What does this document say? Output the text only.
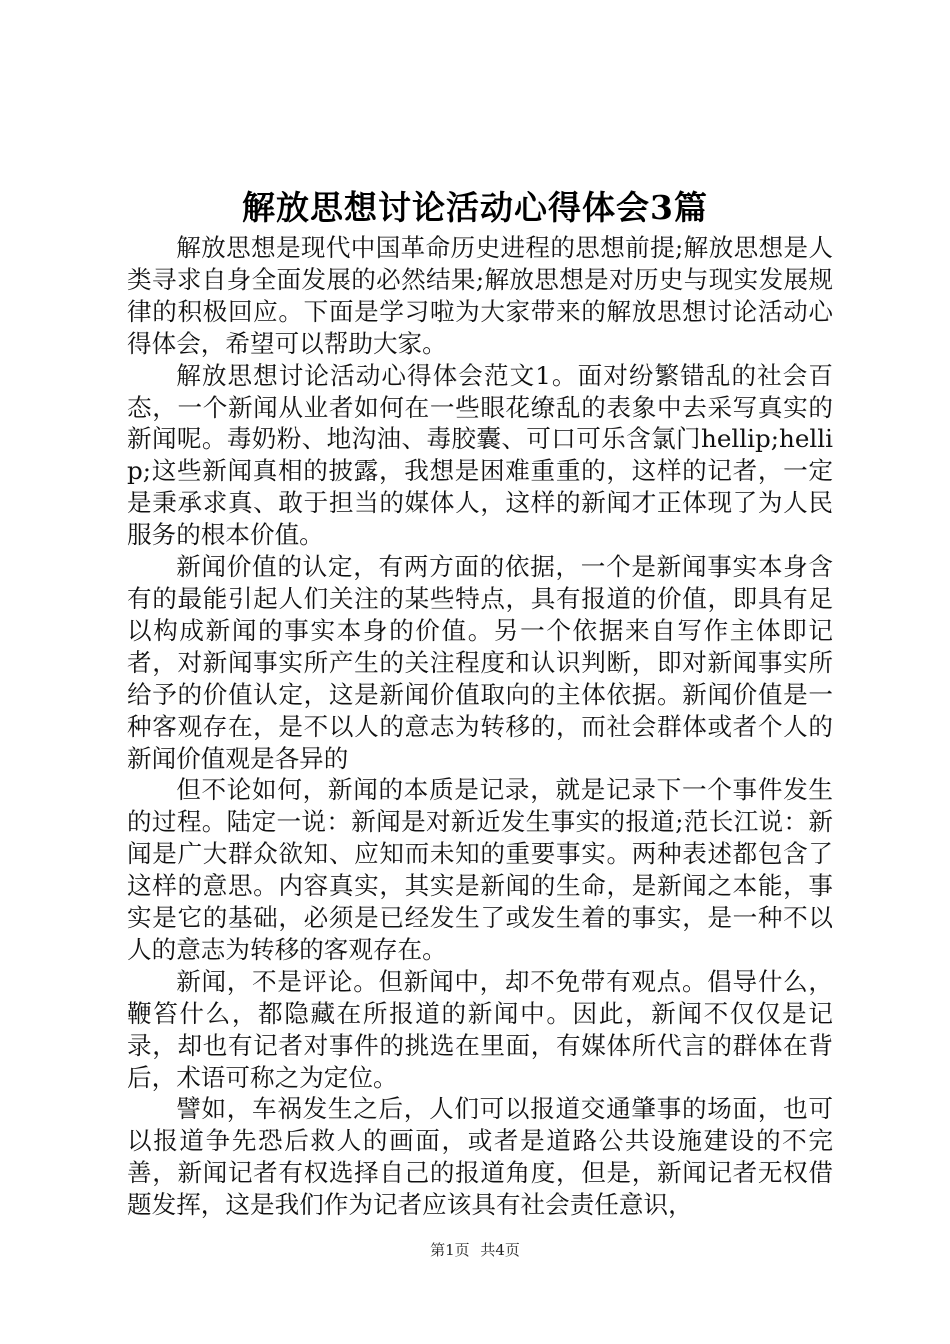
解放思想讨论活动心得体会3篇

解放思想是现代中国革命历史进程的思想前提;解放思想是人类寻求自身全面发展的必然结果;解放思想是对历史与现实发展规律的积极回应。下面是学习啦为大家带来的解放思想讨论活动心得体会，希望可以帮助大家。

解放思想讨论活动心得体会范文1。面对纷繁错乱的社会百态，一个新闻从业者如何在一些眼花缭乱的表象中去采写真实的新闻呢。毒奶粉、地沟油、毒胶囊、可口可乐含氯门hellip;hellip;这些新闻真相的披露，我想是困难重重的，这样的记者，一定是秉承求真、敢于担当的媒体人，这样的新闻才正体现了为人民服务的根本价值。

新闻价值的认定，有两方面的依据，一个是新闻事实本身含有的最能引起人们关注的某些特点，具有报道的价值，即具有足以构成新闻的事实本身的价值。另一个依据来自写作主体即记者，对新闻事实所产生的关注程度和认识判断，即对新闻事实所给予的价值认定，这是新闻价值取向的主体依据。新闻价值是一种客观存在，是不以人的意志为转移的，而社会群体或者个人的新闻价值观是各异的

但不论如何，新闻的本质是记录，就是记录下一个事件发生的过程。陆定一说：新闻是对新近发生事实的报道;范长江说：新闻是广大群众欲知、应知而未知的重要事实。两种表述都包含了这样的意思。内容真实，其实是新闻的生命，是新闻之本能，事实是它的基础，必须是已经发生了或发生着的事实，是一种不以人的意志为转移的客观存在。

新闻，不是评论。但新闻中，却不免带有观点。倡导什么，鞭笞什么，都隐藏在所报道的新闻中。因此，新闻不仅仅是记录，却也有记者对事件的挑选在里面，有媒体所代言的群体在背后，术语可称之为定位。

譬如，车祸发生之后，人们可以报道交通肇事的场面，也可以报道争先恐后救人的画面，或者是道路公共设施建设的不完善，新闻记者有权选择自己的报道角度，但是，新闻记者无权借题发挥，这是我们作为记者应该具有社会责任意识，

第1页 共4页
